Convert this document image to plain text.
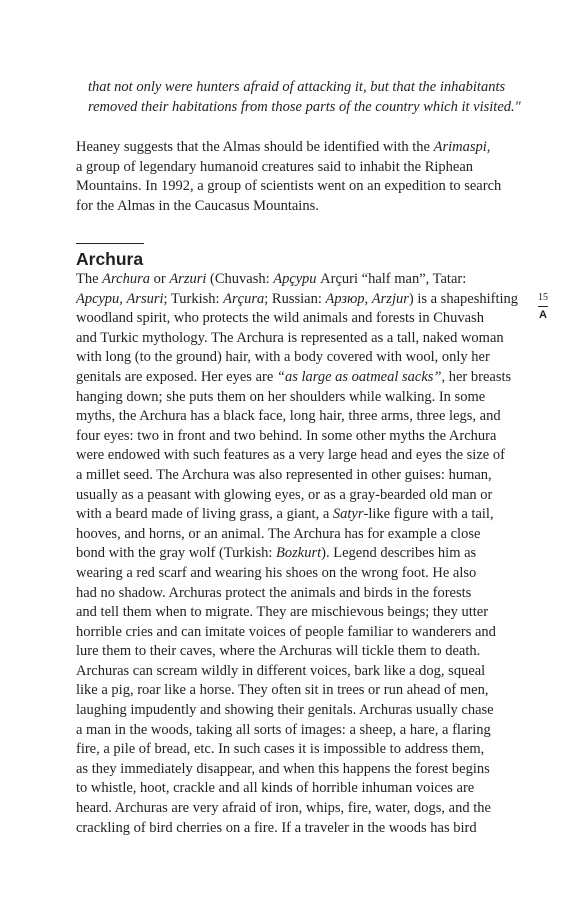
that not only were hunters afraid of attacking it, but that the inhabitants
removed their habitations from those parts of the country which it visited."
Heaney suggests that the Almas should be identified with the Arimaspi,
a group of legendary humanoid creatures said to inhabit the Riphean
Mountains. In 1992, a group of scientists went on an expedition to search
for the Almas in the Caucasus Mountains.
Archura
The Archura or Arzuri (Chuvash: Арçури Arçuri “half man”, Tatar:
Арсури, Arsuri; Turkish: Arçura; Russian: Арзюр, Arzjur) is a shapeshifting
woodland spirit, who protects the wild animals and forests in Chuvash
and Turkic mythology. The Archura is represented as a tall, naked woman
with long (to the ground) hair, with a body covered with wool, only her
genitals are exposed. Her eyes are “as large as oatmeal sacks”, her breasts
hanging down; she puts them on her shoulders while walking. In some
myths, the Archura has a black face, long hair, three arms, three legs, and
four eyes: two in front and two behind. In some other myths the Archura
were endowed with such features as a very large head and eyes the size of
a millet seed. The Archura was also represented in other guises: human,
usually as a peasant with glowing eyes, or as a gray-bearded old man or
with a beard made of living grass, a giant, a Satyr-like figure with a tail,
hooves, and horns, or an animal. The Archura has for example a close
bond with the gray wolf (Turkish: Bozkurt). Legend describes him as
wearing a red scarf and wearing his shoes on the wrong foot. He also
had no shadow. Archuras protect the animals and birds in the forests
and tell them when to migrate. They are mischievous beings; they utter
horrible cries and can imitate voices of people familiar to wanderers and
lure them to their caves, where the Archuras will tickle them to death.
Archuras can scream wildly in different voices, bark like a dog, squeal
like a pig, roar like a horse. They often sit in trees or run ahead of men,
laughing impudently and showing their genitals. Archuras usually chase
a man in the woods, taking all sorts of images: a sheep, a hare, a flaring
fire, a pile of bread, etc. In such cases it is impossible to address them,
as they immediately disappear, and when this happens the forest begins
to whistle, hoot, crackle and all kinds of horrible inhuman voices are
heard. Archuras are very afraid of iron, whips, fire, water, dogs, and the
crackling of bird cherries on a fire. If a traveler in the woods has bird
15
A
